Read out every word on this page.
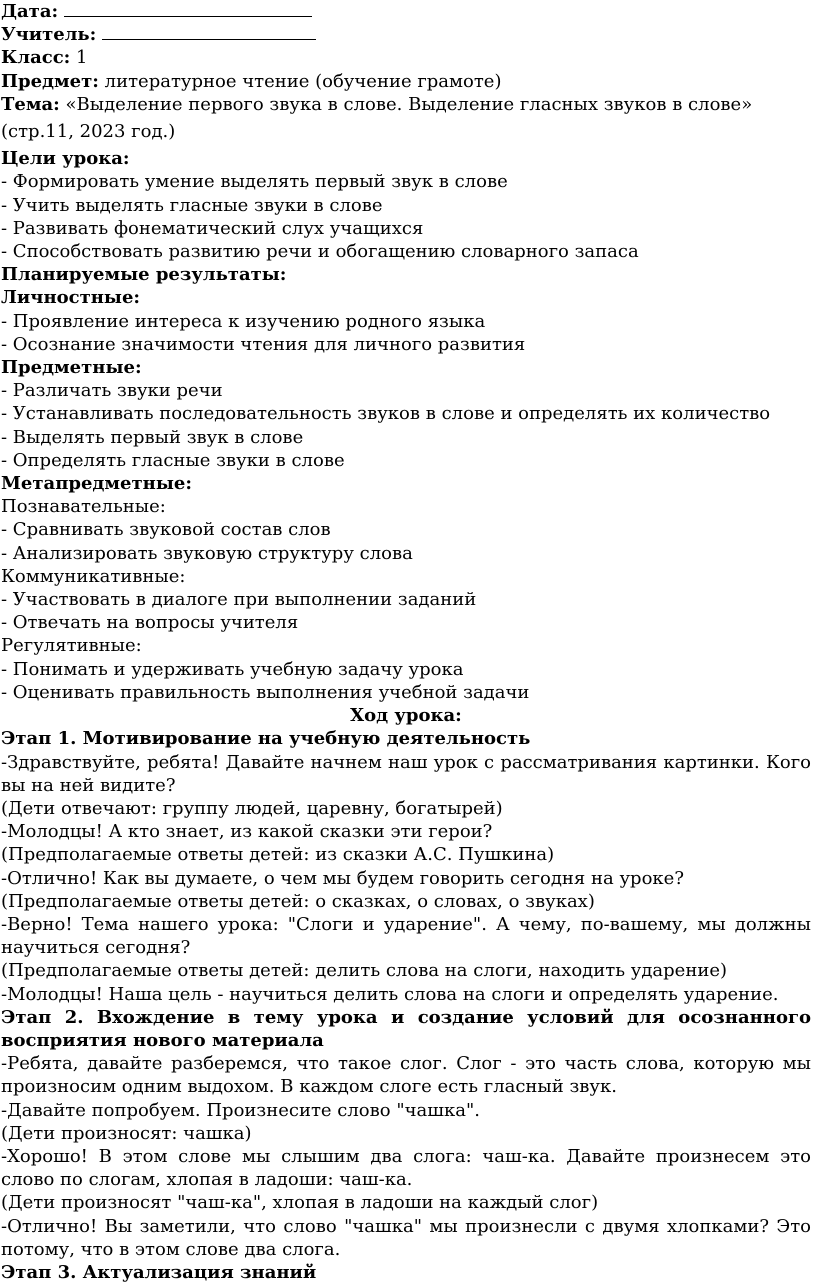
Дата:
Учитель:
Класс: 1
Предмет: литературное чтение (обучение грамоте)
Тема: «Выделение первого звука в слове. Выделение гласных звуков в слове»
(стр.11, 2023 год.)
Цели урока:
- Формировать умение выделять первый звук в слове
- Учить выделять гласные звуки в слове
- Развивать фонематический слух учащихся
- Способствовать развитию речи и обогащению словарного запаса
Планируемые результаты:
Личностные:
- Проявление интереса к изучению родного языка
- Осознание значимости чтения для личного развития
Предметные:
- Различать звуки речи
- Устанавливать последовательность звуков в слове и определять их количество
- Выделять первый звук в слове
- Определять гласные звуки в слове
Метапредметные:
Познавательные:
- Сравнивать звуковой состав слов
- Анализировать звуковую структуру слова
Коммуникативные:
- Участвовать в диалоге при выполнении заданий
- Отвечать на вопросы учителя
Регулятивные:
- Понимать и удерживать учебную задачу урока
- Оценивать правильность выполнения учебной задачи
Ход урока:
Этап 1. Мотивирование на учебную деятельность
-Здравствуйте, ребята! Давайте начнем наш урок с рассматривания картинки. Кого вы на ней видите?
(Дети отвечают: группу людей, царевну, богатырей)
-Молодцы! А кто знает, из какой сказки эти герои?
(Предполагаемые ответы детей: из сказки А.С. Пушкина)
-Отлично! Как вы думаете, о чем мы будем говорить сегодня на уроке?
(Предполагаемые ответы детей: о сказках, о словах, о звуках)
-Верно! Тема нашего урока: "Слоги и ударение". А чему, по-вашему, мы должны научиться сегодня?
(Предполагаемые ответы детей: делить слова на слоги, находить ударение)
-Молодцы! Наша цель - научиться делить слова на слоги и определять ударение.
Этап 2. Вхождение в тему урока и создание условий для осознанного восприятия нового материала
-Ребята, давайте разберемся, что такое слог. Слог - это часть слова, которую мы произносим одним выдохом. В каждом слоге есть гласный звук.
-Давайте попробуем. Произнесите слово "чашка".
(Дети произносят: чашка)
-Хорошо! В этом слове мы слышим два слога: чаш-ка. Давайте произнесем это слово по слогам, хлопая в ладоши: чаш-ка.
(Дети произносят "чаш-ка", хлопая в ладоши на каждый слог)
-Отлично! Вы заметили, что слово "чашка" мы произнесли с двумя хлопками? Это потому, что в этом слове два слога.
Этап 3. Актуализация знаний
